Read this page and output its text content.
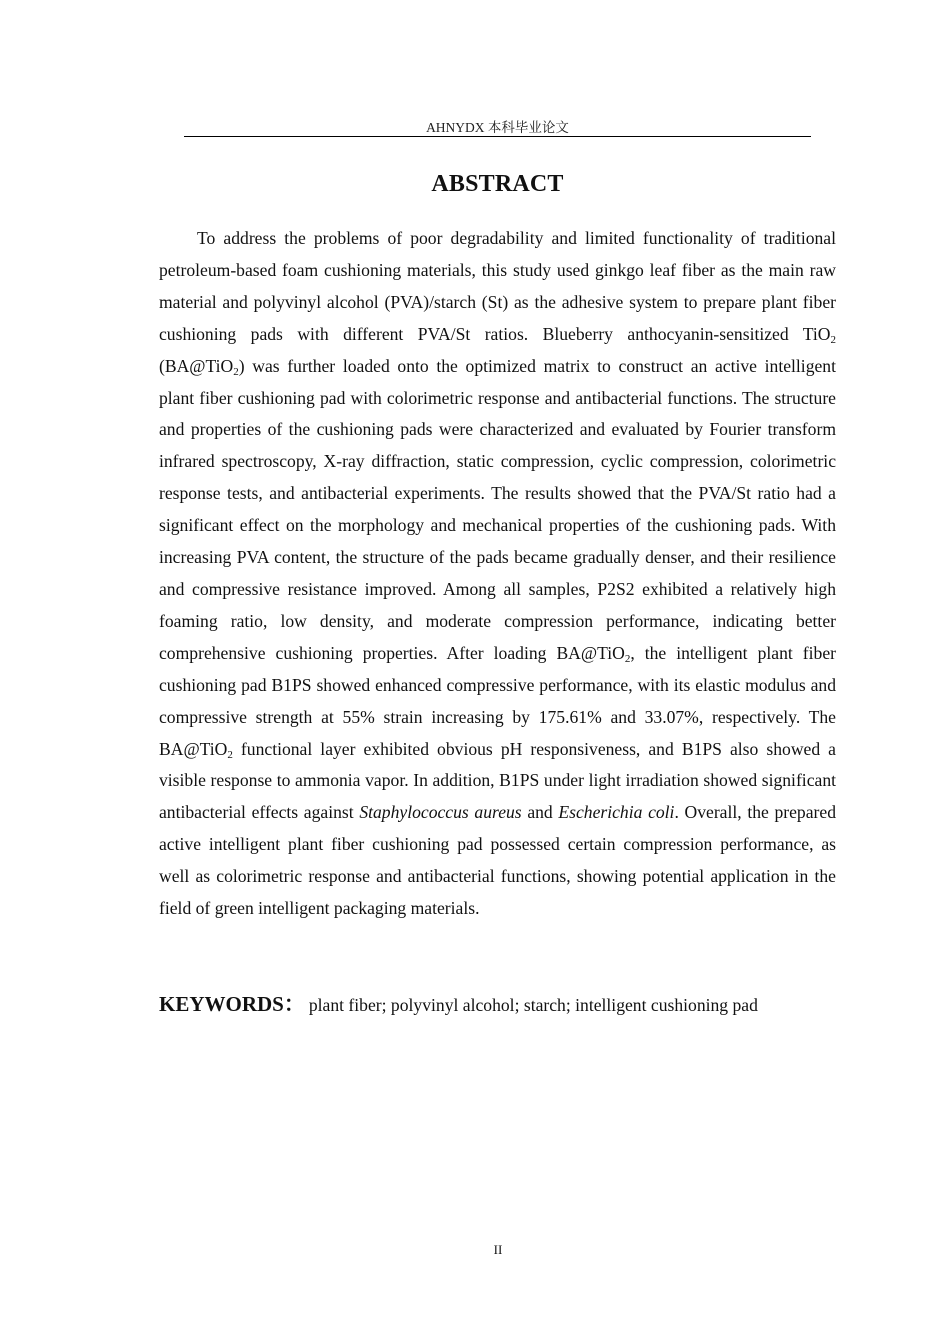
AHNYDX 本科毕业论文
ABSTRACT

To address the problems of poor degradability and limited functionality of traditional petroleum-based foam cushioning materials, this study used ginkgo leaf fiber as the main raw material and polyvinyl alcohol (PVA)/starch (St) as the adhesive system to prepare plant fiber cushioning pads with different PVA/St ratios. Blueberry anthocyanin-sensitized TiO$_2$ (BA@TiO$_2$) was further loaded onto the optimized matrix to construct an active intelligent plant fiber cushioning pad with colorimetric response and antibacterial functions. The structure and properties of the cushioning pads were characterized and evaluated by Fourier transform infrared spectroscopy, X-ray diffraction, static compression, cyclic compression, colorimetric response tests, and antibacterial experiments. The results showed that the PVA/St ratio had a significant effect on the morphology and mechanical properties of the cushioning pads. With increasing PVA content, the structure of the pads became gradually denser, and their resilience and compressive resistance improved. Among all samples, P2S2 exhibited a relatively high foaming ratio, low density, and moderate compression performance, indicating better comprehensive cushioning properties. After loading BA@TiO$_2$, the intelligent plant fiber cushioning pad B1PS showed enhanced compressive performance, with its elastic modulus and compressive strength at 55% strain increasing by 175.61% and 33.07%, respectively. The BA@TiO$_2$ functional layer exhibited obvious pH responsiveness, and B1PS also showed a visible response to ammonia vapor. In addition, B1PS under light irradiation showed significant antibacterial effects against Staphylococcus aureus and Escherichia coli. Overall, the prepared active intelligent plant fiber cushioning pad possessed certain compression performance, as well as colorimetric response and antibacterial functions, showing potential application in the field of green intelligent packaging materials.

KEYWORDS： plant fiber; polyvinyl alcohol; starch; intelligent cushioning pad
II
